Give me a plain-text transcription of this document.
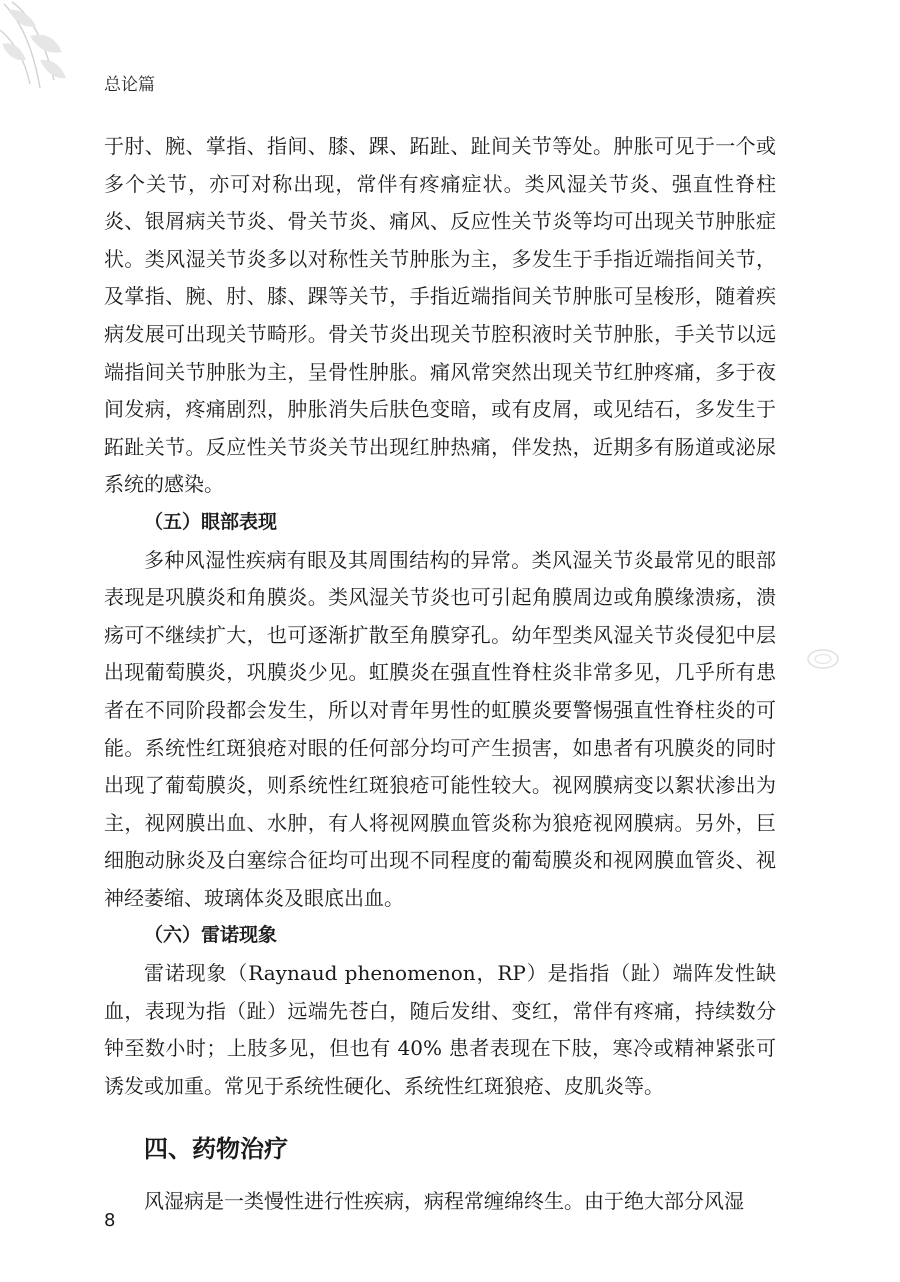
总论篇

于肘、腕、掌指、指间、膝、踝、跖趾、趾间关节等处。肿胀可见于一个或多个关节，亦可对称出现，常伴有疼痛症状。类风湿关节炎、强直性脊柱炎、银屑病关节炎、骨关节炎、痛风、反应性关节炎等均可出现关节肿胀症状。类风湿关节炎多以对称性关节肿胀为主，多发生于手指近端指间关节，及掌指、腕、肘、膝、踝等关节，手指近端指间关节肿胀可呈梭形，随着疾病发展可出现关节畸形。骨关节炎出现关节腔积液时关节肿胀，手关节以远端指间关节肿胀为主，呈骨性肿胀。痛风常突然出现关节红肿疼痛，多于夜间发病，疼痛剧烈，肿胀消失后肤色变暗，或有皮屑，或见结石，多发生于跖趾关节。反应性关节炎关节出现红肿热痛，伴发热，近期多有肠道或泌尿系统的感染。

（五）眼部表现

多种风湿性疾病有眼及其周围结构的异常。类风湿关节炎最常见的眼部表现是巩膜炎和角膜炎。类风湿关节炎也可引起角膜周边或角膜缘溃疡，溃疡可不继续扩大，也可逐渐扩散至角膜穿孔。幼年型类风湿关节炎侵犯中层出现葡萄膜炎，巩膜炎少见。虹膜炎在强直性脊柱炎非常多见，几乎所有患者在不同阶段都会发生，所以对青年男性的虹膜炎要警惕强直性脊柱炎的可能。系统性红斑狼疮对眼的任何部分均可产生损害，如患者有巩膜炎的同时出现了葡萄膜炎，则系统性红斑狼疮可能性较大。视网膜病变以絮状渗出为主，视网膜出血、水肿，有人将视网膜血管炎称为狼疮视网膜病。另外，巨细胞动脉炎及白塞综合征均可出现不同程度的葡萄膜炎和视网膜血管炎、视神经萎缩、玻璃体炎及眼底出血。

（六）雷诺现象

雷诺现象（Raynaud phenomenon，RP）是指指（趾）端阵发性缺血，表现为指（趾）远端先苍白，随后发绀、变红，常伴有疼痛，持续数分钟至数小时；上肢多见，但也有 40% 患者表现在下肢，寒冷或精神紧张可诱发或加重。常见于系统性硬化、系统性红斑狼疮、皮肌炎等。

四、药物治疗

风湿病是一类慢性进行性疾病，病程常缠绵终生。由于绝大部分风湿

8
